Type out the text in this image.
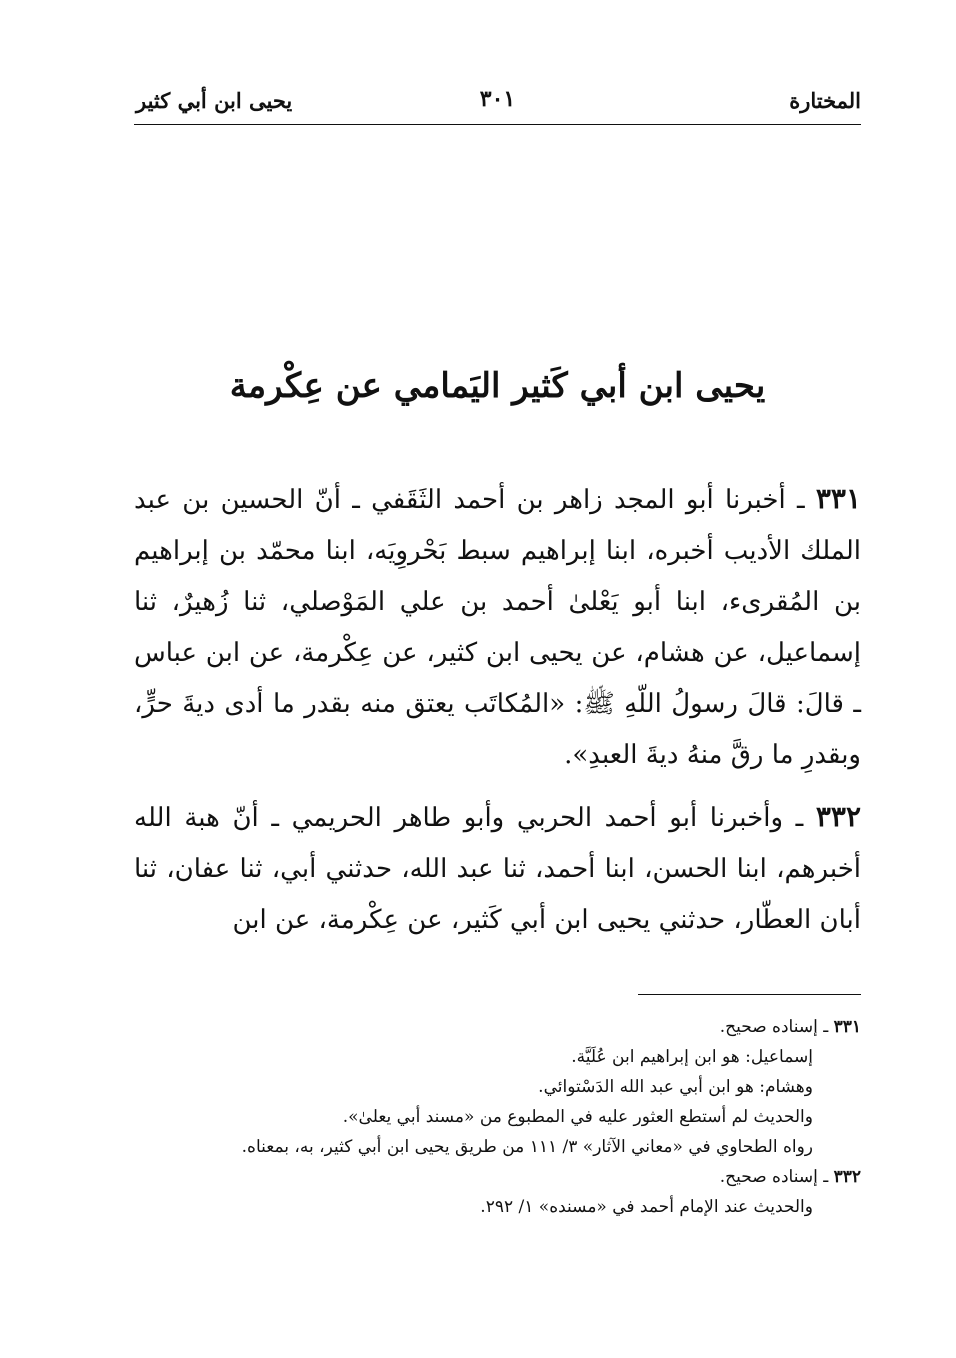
المختارة
٣٠١
يحيى ابن أبي كثير
يحيى ابن أبي كَثير اليَمامي عن عِكْرمة

٣٣١ ـ أخبرنا أبو المجد زاهر بن أحمد الثَقَفي ـ أنّ الحسين بن عبد الملك الأديب أخبره، ابنا إبراهيم سبط بَحْروِيَه، ابنا محمّد بن إبراهيم بن المُقرىء، ابنا أبو يَعْلىٰ أحمد بن علي المَوْصلي، ثنا زُهيرٌ، ثنا إسماعيل، عن هشام، عن يحيى ابن كثير، عن عِكْرمة، عن ابن عباس ـ قالَ: قالَ رسولُ اللّهِ ﷺ: «المُكاتَب يعتق منه بقدر ما أدى ديةَ حرٍّ، وبقدرِ ما رقَّ منهُ ديةَ العبدِ».

٣٣٢ ـ وأخبرنا أبو أحمد الحربي وأبو طاهر الحريمي ـ أنّ هبة الله أخبرهم، ابنا الحسن، ابنا أحمد، ثنا عبد الله، حدثني أبي، ثنا عفان، ثنا أبان العطّار، حدثني يحيى ابن أبي كَثير، عن عِكْرمة، عن ابن

٣٣١ ـ إسناده صحيح.

إسماعيل: هو ابن إبراهيم ابن عُلَيَّة.

وهشام: هو ابن أبي عبد الله الدَسْتوائي.

والحديث لم أستطع العثور عليه في المطبوع من «مسند أبي يعلىٰ».

رواه الطحاوي في «معاني الآثار» ٣/ ١١١ من طريق يحيى ابن أبي كثير، به، بمعناه.

٣٣٢ ـ إسناده صحيح.

والحديث عند الإمام أحمد في «مسنده» ١/ ٢٩٢.
